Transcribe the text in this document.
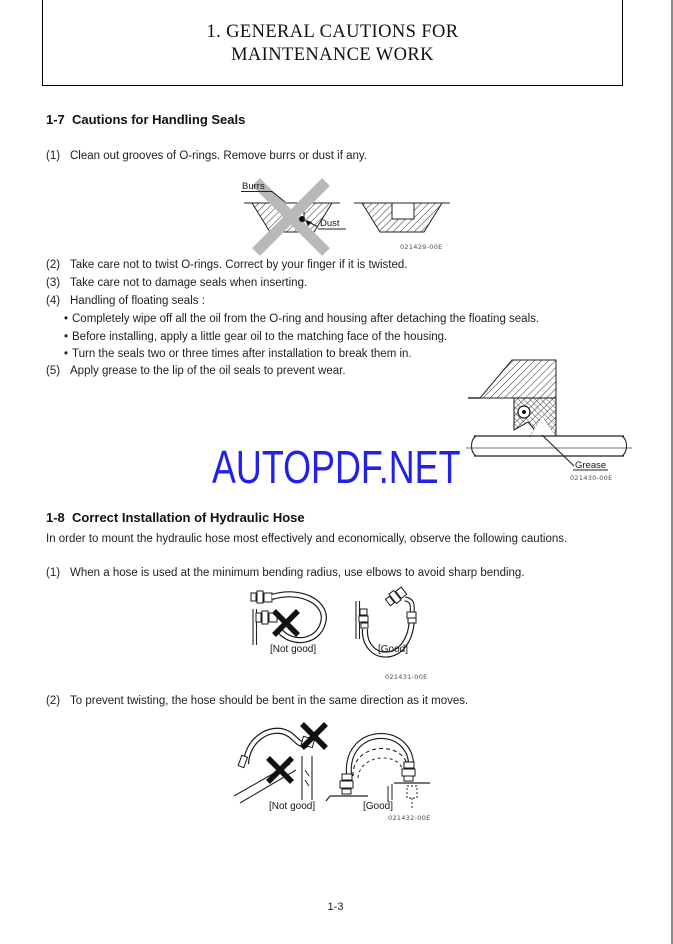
1. GENERAL CAUTIONS FOR
MAINTENANCE WORK
1-7 Cautions for Handling Seals
(1) Clean out grooves of O-rings. Remove burrs or dust if any.
Burrs
Dust
021429-00E
(2) Take care not to twist O-rings. Correct by your finger if it is twisted.
(3) Take care not to damage seals when inserting.
(4) Handling of floating seals :
• Completely wipe off all the oil from the O-ring and housing after detaching the floating seals.
• Before installing, apply a little gear oil to the matching face of the housing.
• Turn the seals two or three times after installation to break them in.
(5) Apply grease to the lip of the oil seals to prevent wear.
Grease
021430-00E
AUTOPDF.NET
1-8 Correct Installation of Hydraulic Hose
In order to mount the hydraulic hose most effectively and economically, observe the following cautions.
(1) When a hose is used at the minimum bending radius, use elbows to avoid sharp bending.
[Not good]	[Good]
021431-00E
(2) To prevent twisting, the hose should be bent in the same direction as it moves.
[Not good]	[Good]
021432-00E
1-3
